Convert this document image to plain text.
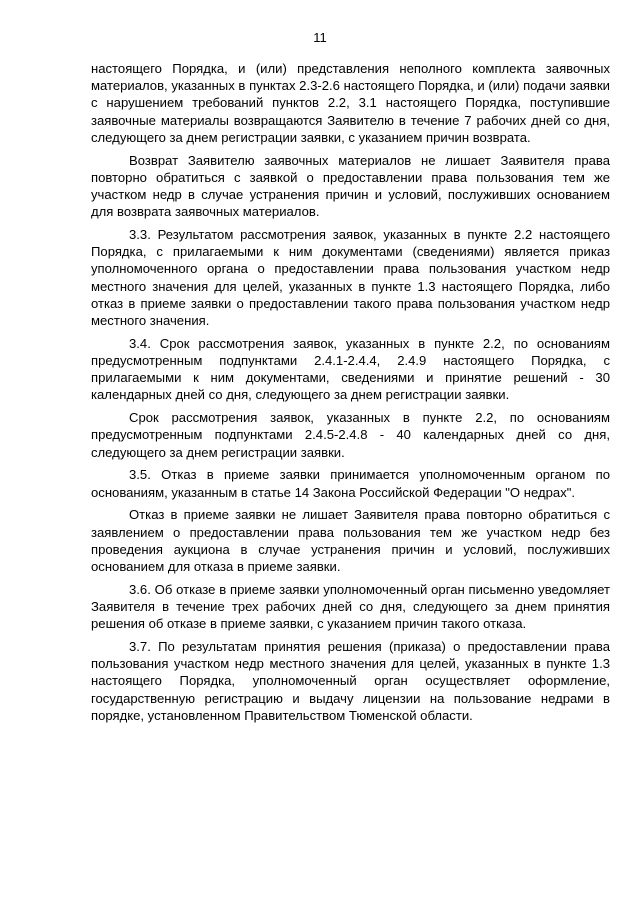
11

настоящего Порядка, и (или) представления неполного комплекта заявочных материалов, указанных в пунктах 2.3-2.6 настоящего Порядка, и (или) подачи заявки с нарушением требований пунктов 2.2, 3.1 настоящего Порядка, поступившие заявочные материалы возвращаются Заявителю в течение 7 рабочих дней со дня, следующего за днем регистрации заявки, с указанием причин возврата.

Возврат Заявителю заявочных материалов не лишает Заявителя права повторно обратиться с заявкой о предоставлении права пользования тем же участком недр в случае устранения причин и условий, послуживших основанием для возврата заявочных материалов.

3.3. Результатом рассмотрения заявок, указанных в пункте 2.2 настоящего Порядка, с прилагаемыми к ним документами (сведениями) является приказ уполномоченного органа о предоставлении права пользования участком недр местного значения для целей, указанных в пункте 1.3 настоящего Порядка, либо отказ в приеме заявки о предоставлении такого права пользования участком недр местного значения.

3.4. Срок рассмотрения заявок, указанных в пункте 2.2, по основаниям предусмотренным подпунктами 2.4.1-2.4.4, 2.4.9 настоящего Порядка, с прилагаемыми к ним документами, сведениями и принятие решений - 30 календарных дней со дня, следующего за днем регистрации заявки.

Срок рассмотрения заявок, указанных в пункте 2.2, по основаниям предусмотренным подпунктами 2.4.5-2.4.8 - 40 календарных дней со дня, следующего за днем регистрации заявки.

3.5. Отказ в приеме заявки принимается уполномоченным органом по основаниям, указанным в статье 14 Закона Российской Федерации "О недрах".

Отказ в приеме заявки не лишает Заявителя права повторно обратиться с заявлением о предоставлении права пользования тем же участком недр без проведения аукциона в случае устранения причин и условий, послуживших основанием для отказа в приеме заявки.

3.6. Об отказе в приеме заявки уполномоченный орган письменно уведомляет Заявителя в течение трех рабочих дней со дня, следующего за днем принятия решения об отказе в приеме заявки, с указанием причин такого отказа.

3.7. По результатам принятия решения (приказа) о предоставлении права пользования участком недр местного значения для целей, указанных в пункте 1.3 настоящего Порядка, уполномоченный орган осуществляет оформление, государственную регистрацию и выдачу лицензии на пользование недрами в порядке, установленном Правительством Тюменской области.
